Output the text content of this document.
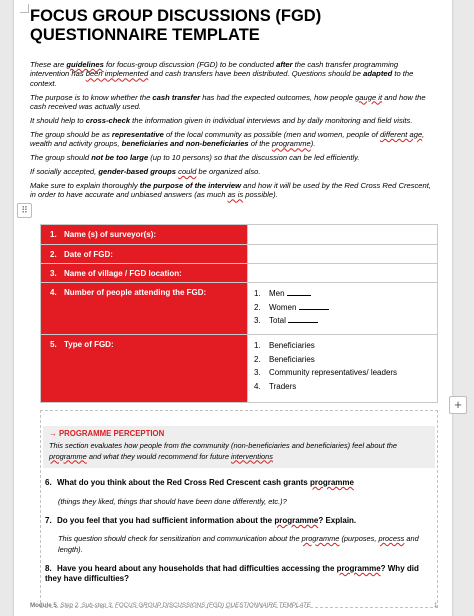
FOCUS GROUP DISCUSSIONS (FGD)
QUESTIONNAIRE TEMPLATE

These are guidelines for focus-group discussion (FGD) to be conducted after the cash transfer programming intervention has been implemented and cash transfers have been distributed. Questions should be adapted to the context.

The purpose is to know whether the cash transfer has had the expected outcomes, how people gauge it and how the cash received was actually used.

It should help to cross-check the information given in individual interviews and by daily monitoring and field visits.

The group should be as representative of the local community as possible (men and women, people of different age, wealth and activity groups, beneficiaries and non-beneficiaries of the programme).

The group should not be too large (up to 10 persons) so that the discussion can be led efficiently.

If socially accepted, gender-based groups could be organized also.

Make sure to explain thoroughly the purpose of the interview and how it will be used by the Red Cross Red Crescent, in order to have accurate and unbiased answers (as much as is possible).

⠿
1. Name (s) of surveyor(s):	
2. Date of FGD:	
3. Name of village / FGD location:	
4. Number of people attending the FGD:	1. Men
2. Women
3. Total

5. Type of FGD:	1. Beneficiaries
2. Beneficiaries
3. Community representatives/ leaders
4. Traders
+
→ PROGRAMME PERCEPTION
This section evaluates how people from the community (non-beneficiaries and beneficiaries) feel about the programme and what they would recommend for future interventions
6. What do you think about the Red Cross Red Crescent cash grants programme
(things they liked, things that should have been done differently, etc.)?
7. Do you feel that you had sufficient information about the programme? Explain.
This question should check for sensitization and communication about the programme (purposes, process and length).
8. Have you heard about any households that had difficulties accessing the programme? Why did they have difficulties?
Module 5. Step 2. Sub-step 3. FOCUS GROUP DISCUSSIONS (FGD) QUESTIONNAIRE TEMPLATE	1
